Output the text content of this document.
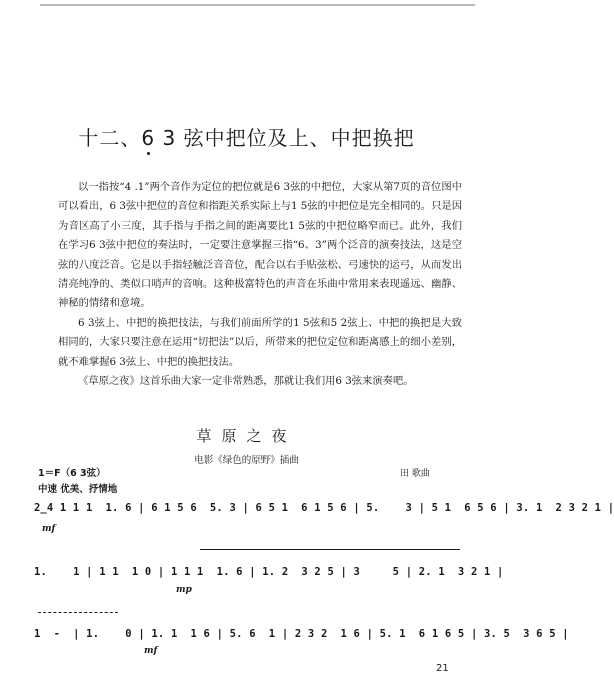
十二、6 3 弦中把位及上、中把换把

以一指按“4 .1”两个音作为定位的把位就是6 3弦的中把位，大家从第7页的音位图中可以看出，6 3弦中把位的音位和指距关系实际上与1 5弦的中把位是完全相同的。只是因为音区高了小三度，其手指与手指之间的距离要比1 5弦的中把位略窄而已。此外，我们在学习6 3弦中把位的奏法时，一定要注意掌握三指“6、3”两个泛音的演奏技法，这是空弦的八度泛音。它是以手指轻触泛音音位，配合以右手贴弦松、弓速快的运弓，从而发出清亮纯净的、类似口哨声的音响。这种极富特色的声音在乐曲中常用来表现遥远、幽静、神秘的情绪和意境。

6 3弦上、中把的换把技法，与我们前面所学的1 5弦和5 2弦上、中把的换把是大致相同的，大家只要注意在运用“切把法”以后，所带来的把位定位和距离感上的细小差别，就不难掌握6 3弦上、中把的换把技法。

《草原之夜》这首乐曲大家一定非常熟悉，那就让我们用6 3弦来演奏吧。

草原之夜
电影《绿色的原野》插曲
1＝F（6 3弦）
中速 优美、抒情地
田 歌曲
2̲4 1 1 1  1. 6 | 6 1 5 6  5. 3 | 6 5 1  6 1 5 6 | 5.    3 | 5 1  6 5 6 | 3. 1  2 3 2 1 |
mf
1.    1 | 1 1  1 0 | 1 1 1  1. 6 | 1. 2  3 2 5 | 3     5 | 2. 1  3 2 1 |
mp
1  -  | 1.    0 | 1. 1  1 6 | 5. 6  1 | 2 3 2  1 6 | 5. 1  6 1 6 5 | 3. 5  3 6 5 |
mf
21
